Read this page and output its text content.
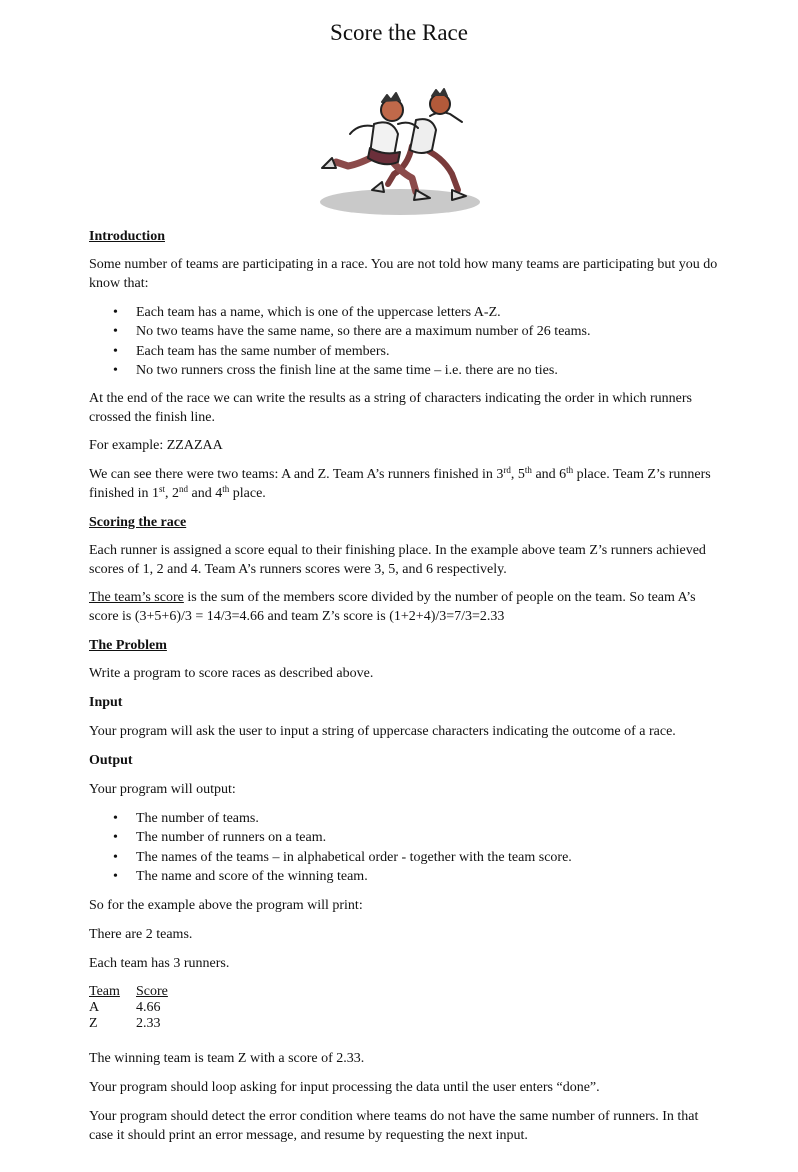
Score the Race
Introduction
Some number of teams are participating in a race. You are not told how many teams are participating but you do know that:
• Each team has a name, which is one of the uppercase letters A-Z.
• No two teams have the same name, so there are a maximum number of 26 teams.
• Each team has the same number of members.
• No two runners cross the finish line at the same time – i.e. there are no ties.
At the end of the race we can write the results as a string of characters indicating the order in which runners crossed the finish line.
For example: ZZAZAA
We can see there were two teams: A and Z. Team A’s runners finished in 3rd, 5th and 6th place. Team Z’s runners finished in 1st, 2nd and 4th place.
Scoring the race
Each runner is assigned a score equal to their finishing place. In the example above team Z’s runners achieved scores of 1, 2 and 4. Team A’s runners scores were 3, 5, and 6 respectively.
The team’s score is the sum of the members score divided by the number of people on the team. So team A’s score is (3+5+6)/3 = 14/3=4.66 and team Z’s score is (1+2+4)/3=7/3=2.33
The Problem
Write a program to score races as described above.
Input
Your program will ask the user to input a string of uppercase characters indicating the outcome of a race.
Output
Your program will output:
• The number of teams.
• The number of runners on a team.
• The names of the teams – in alphabetical order - together with the team score.
• The name and score of the winning team.
So for the example above the program will print:
There are 2 teams.
Each team has 3 runners.
Team	Score
A	4.66
Z	2.33
The winning team is team Z with a score of 2.33.
Your program should loop asking for input processing the data until the user enters “done”.
Your program should detect the error condition where teams do not have the same number of runners. In that case it should print an error message, and resume by requesting the next input.
